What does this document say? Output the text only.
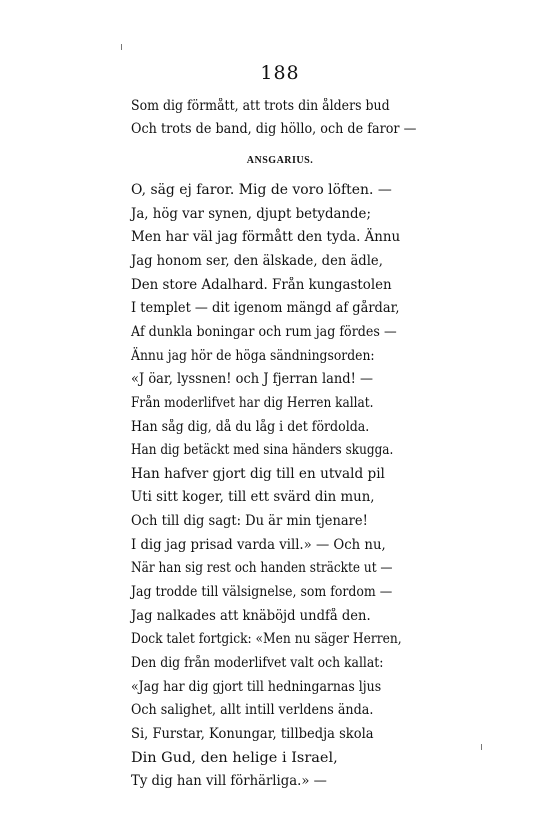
188
Som dig förmått, att trots din ålders bud
Och trots de band, dig höllo, och de faror —
ANSGARIUS.
O, säg ej faror. Mig de voro löften. —
Ja, hög var synen, djupt betydande;
Men har väl jag förmått den tyda. Ännu
Jag honom ser, den älskade, den ädle,
Den store Adalhard. Från kungastolen
I templet — dit igenom mängd af gårdar,
Af dunkla boningar och rum jag fördes —
Ännu jag hör de höga sändningsorden:
«J öar, lyssnen! och J fjerran land! —
Från moderlifvet har dig Herren kallat.
Han såg dig, då du låg i det fördolda.
Han dig betäckt med sina händers skugga.
Han hafver gjort dig till en utvald pil
Uti sitt koger, till ett svärd din mun,
Och till dig sagt: Du är min tjenare!
I dig jag prisad varda vill.» — Och nu,
När han sig rest och handen sträckte ut —
Jag trodde till välsignelse, som fordom —
Jag nalkades att knäböjd undfå den.
Dock talet fortgick: «Men nu säger Herren,
Den dig från moderlifvet valt och kallat:
«Jag har dig gjort till hedningarnas ljus
Och salighet, allt intill verldens ända.
Si, Furstar, Konungar, tillbedja skola
Din Gud, den helige i Israel,
Ty dig han vill förhärliga.» —
